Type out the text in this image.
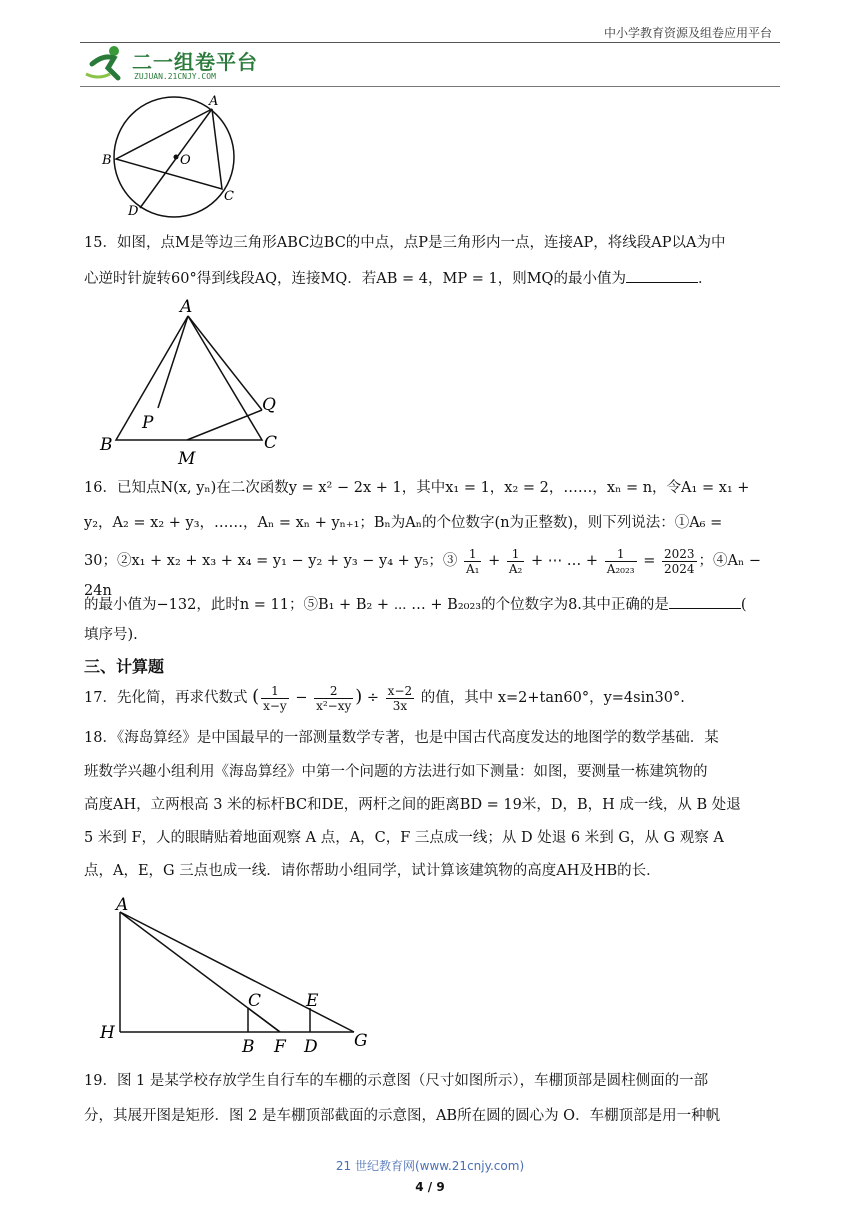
中小学教育资源及组卷应用平台
二一组卷平台
ZUJUAN.21CNJY.COM
A
B	O
C
D
15．如图，点M是等边三角形ABC边BC的中点，点P是三角形内一点，连接AP，将线段AP以A为中
心逆时针旋转60°得到线段AQ，连接MQ．若AB = 4，MP = 1，则MQ的最小值为	．
A
P
Q
B
M
C
16．已知点N(x, yₙ)在二次函数y = x² − 2x + 1，其中x₁ = 1，x₂ = 2，……，xₙ = n，令A₁ = x₁ +
y₂，A₂ = x₂ + y₃，……，Aₙ = xₙ + yₙ₊₁；Bₙ为Aₙ的个位数字(n为正整数)，则下列说法：①A₆ =
30；②x₁ + x₂ + x₃ + x₄ = y₁ − y₂ + y₃ − y₄ + y₅；③ $\frac{1}{\text{A₁}} + \frac{1}{\text{A₂}}$ + ⋯ … + $\frac{1}{\text{A₂₀₂₃}} = \frac{2023}{2024}$ ；④Aₙ − 24n
的最小值为−132，此时n = 11；⑤B₁ + B₂ + ⋯ … + B₂₀₂₃的个位数字为8.其中正确的是	(
填序号).
三、计算题
17．先化简，再求代数式 ( $\frac{1}{x-y} - \frac{2}{\text{x²−xy}}$ ) ÷ $\frac{x-2}{3x}$ 的值，其中 x=2+tan60°，y=4sin30°.
18．《海岛算经》是中国最早的一部测量数学专著，也是中国古代高度发达的地图学的数学基础．某
班数学兴趣小组利用《海岛算经》中第一个问题的方法进行如下测量：如图，要测量一栋建筑物的
高度AH，立两根高 3 米的标杆BC和DE，两杆之间的距离BD = 19米，D，B，H 成一线，从 B 处退
5 米到 F，人的眼睛贴着地面观察 A 点，A，C，F 三点成一线；从 D 处退 6 米到 G，从 G 观察 A
点，A，E，G 三点也成一线．请你帮助小组同学，试计算该建筑物的高度AH及HB的长．
A
H
C	E
B F D G
19．图 1 是某学校存放学生自行车的车棚的示意图（尺寸如图所示），车棚顶部是圆柱侧面的一部
分，其展开图是矩形．图 2 是车棚顶部截面的示意图，AB所在圆的圆心为 O．车棚顶部是用一种帆
21 世纪教育网(www.21cnjy.com)
4 / 9
